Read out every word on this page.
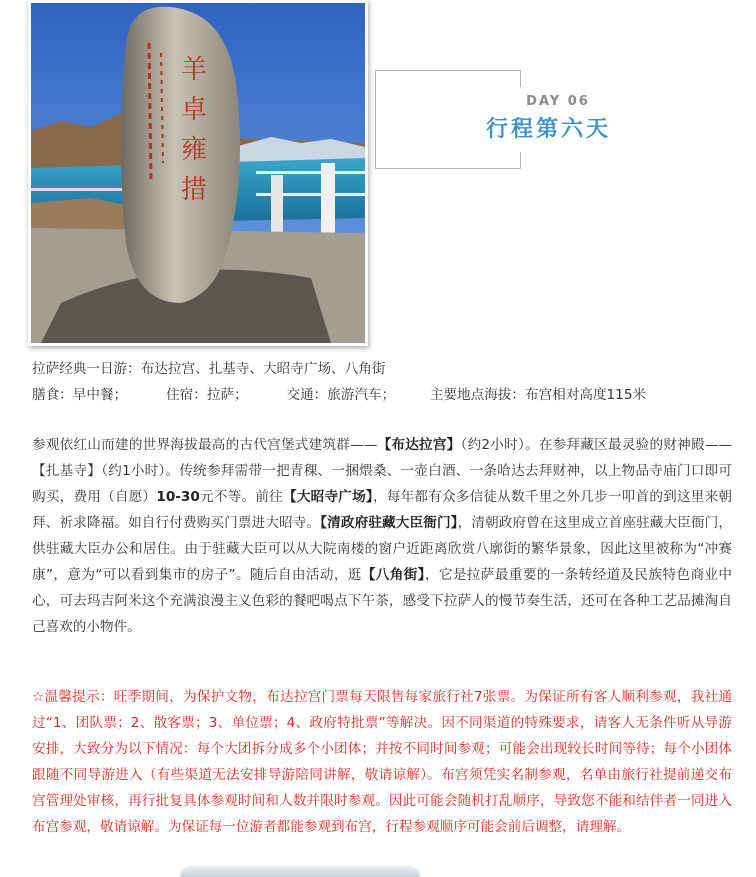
羊
卓
雍
措
DAY 06
行程第六天
拉萨经典一日游：布达拉宫、扎基寺、大昭寺广场、八角街
膳食：早中餐；         住宿：拉萨；         交通：旅游汽车；        主要地点海拔：布宫相对高度115米
参观依红山而建的世界海拔最高的古代宫堡式建筑群——【布达拉宫】（约2小时）。在参拜藏区最灵验的财神殿——【扎基寺】（约1小时）。传统参拜需带一把青稞、一捆煨桑、一壶白酒、一条哈达去拜财神，以上物品寺庙门口即可购买，费用（自愿）10-30元不等。前往【大昭寺广场】，每年都有众多信徒从数千里之外几步一叩首的到这里来朝拜、祈求降福。如自行付费购买门票进大昭寺。【清政府驻藏大臣衙门】，清朝政府曾在这里成立首座驻藏大臣衙门，供驻藏大臣办公和居住。由于驻藏大臣可以从大院南楼的窗户近距离欣赏八廓街的繁华景象，因此这里被称为“冲赛康”，意为“可以看到集市的房子”。随后自由活动，逛【八角街】，它是拉萨最重要的一条转经道及民族特色商业中心，可去玛吉阿米这个充满浪漫主义色彩的餐吧喝点下午茶，感受下拉萨人的慢节奏生活，还可在各种工艺品摊淘自己喜欢的小物件。
☆温馨提示：旺季期间，为保护文物，布达拉宫门票每天限售每家旅行社7张票。为保证所有客人顺利参观，我社通过“1、团队票；2、散客票；3、单位票；4、政府特批票”等解决。因不同渠道的特殊要求，请客人无条件听从导游安排，大致分为以下情况：每个大团拆分成多个小团体；并按不同时间参观；可能会出现较长时间等待；每个小团体跟随不同导游进入（有些渠道无法安排导游陪同讲解，敬请谅解）。布宫须凭实名制参观，名单由旅行社提前递交布宫管理处审核，再行批复具体参观时间和人数并限时参观。因此可能会随机打乱顺序，导致您不能和结伴者一同进入布宫参观，敬请谅解。为保证每一位游者都能参观到布宫，行程参观顺序可能会前后调整，请理解。
